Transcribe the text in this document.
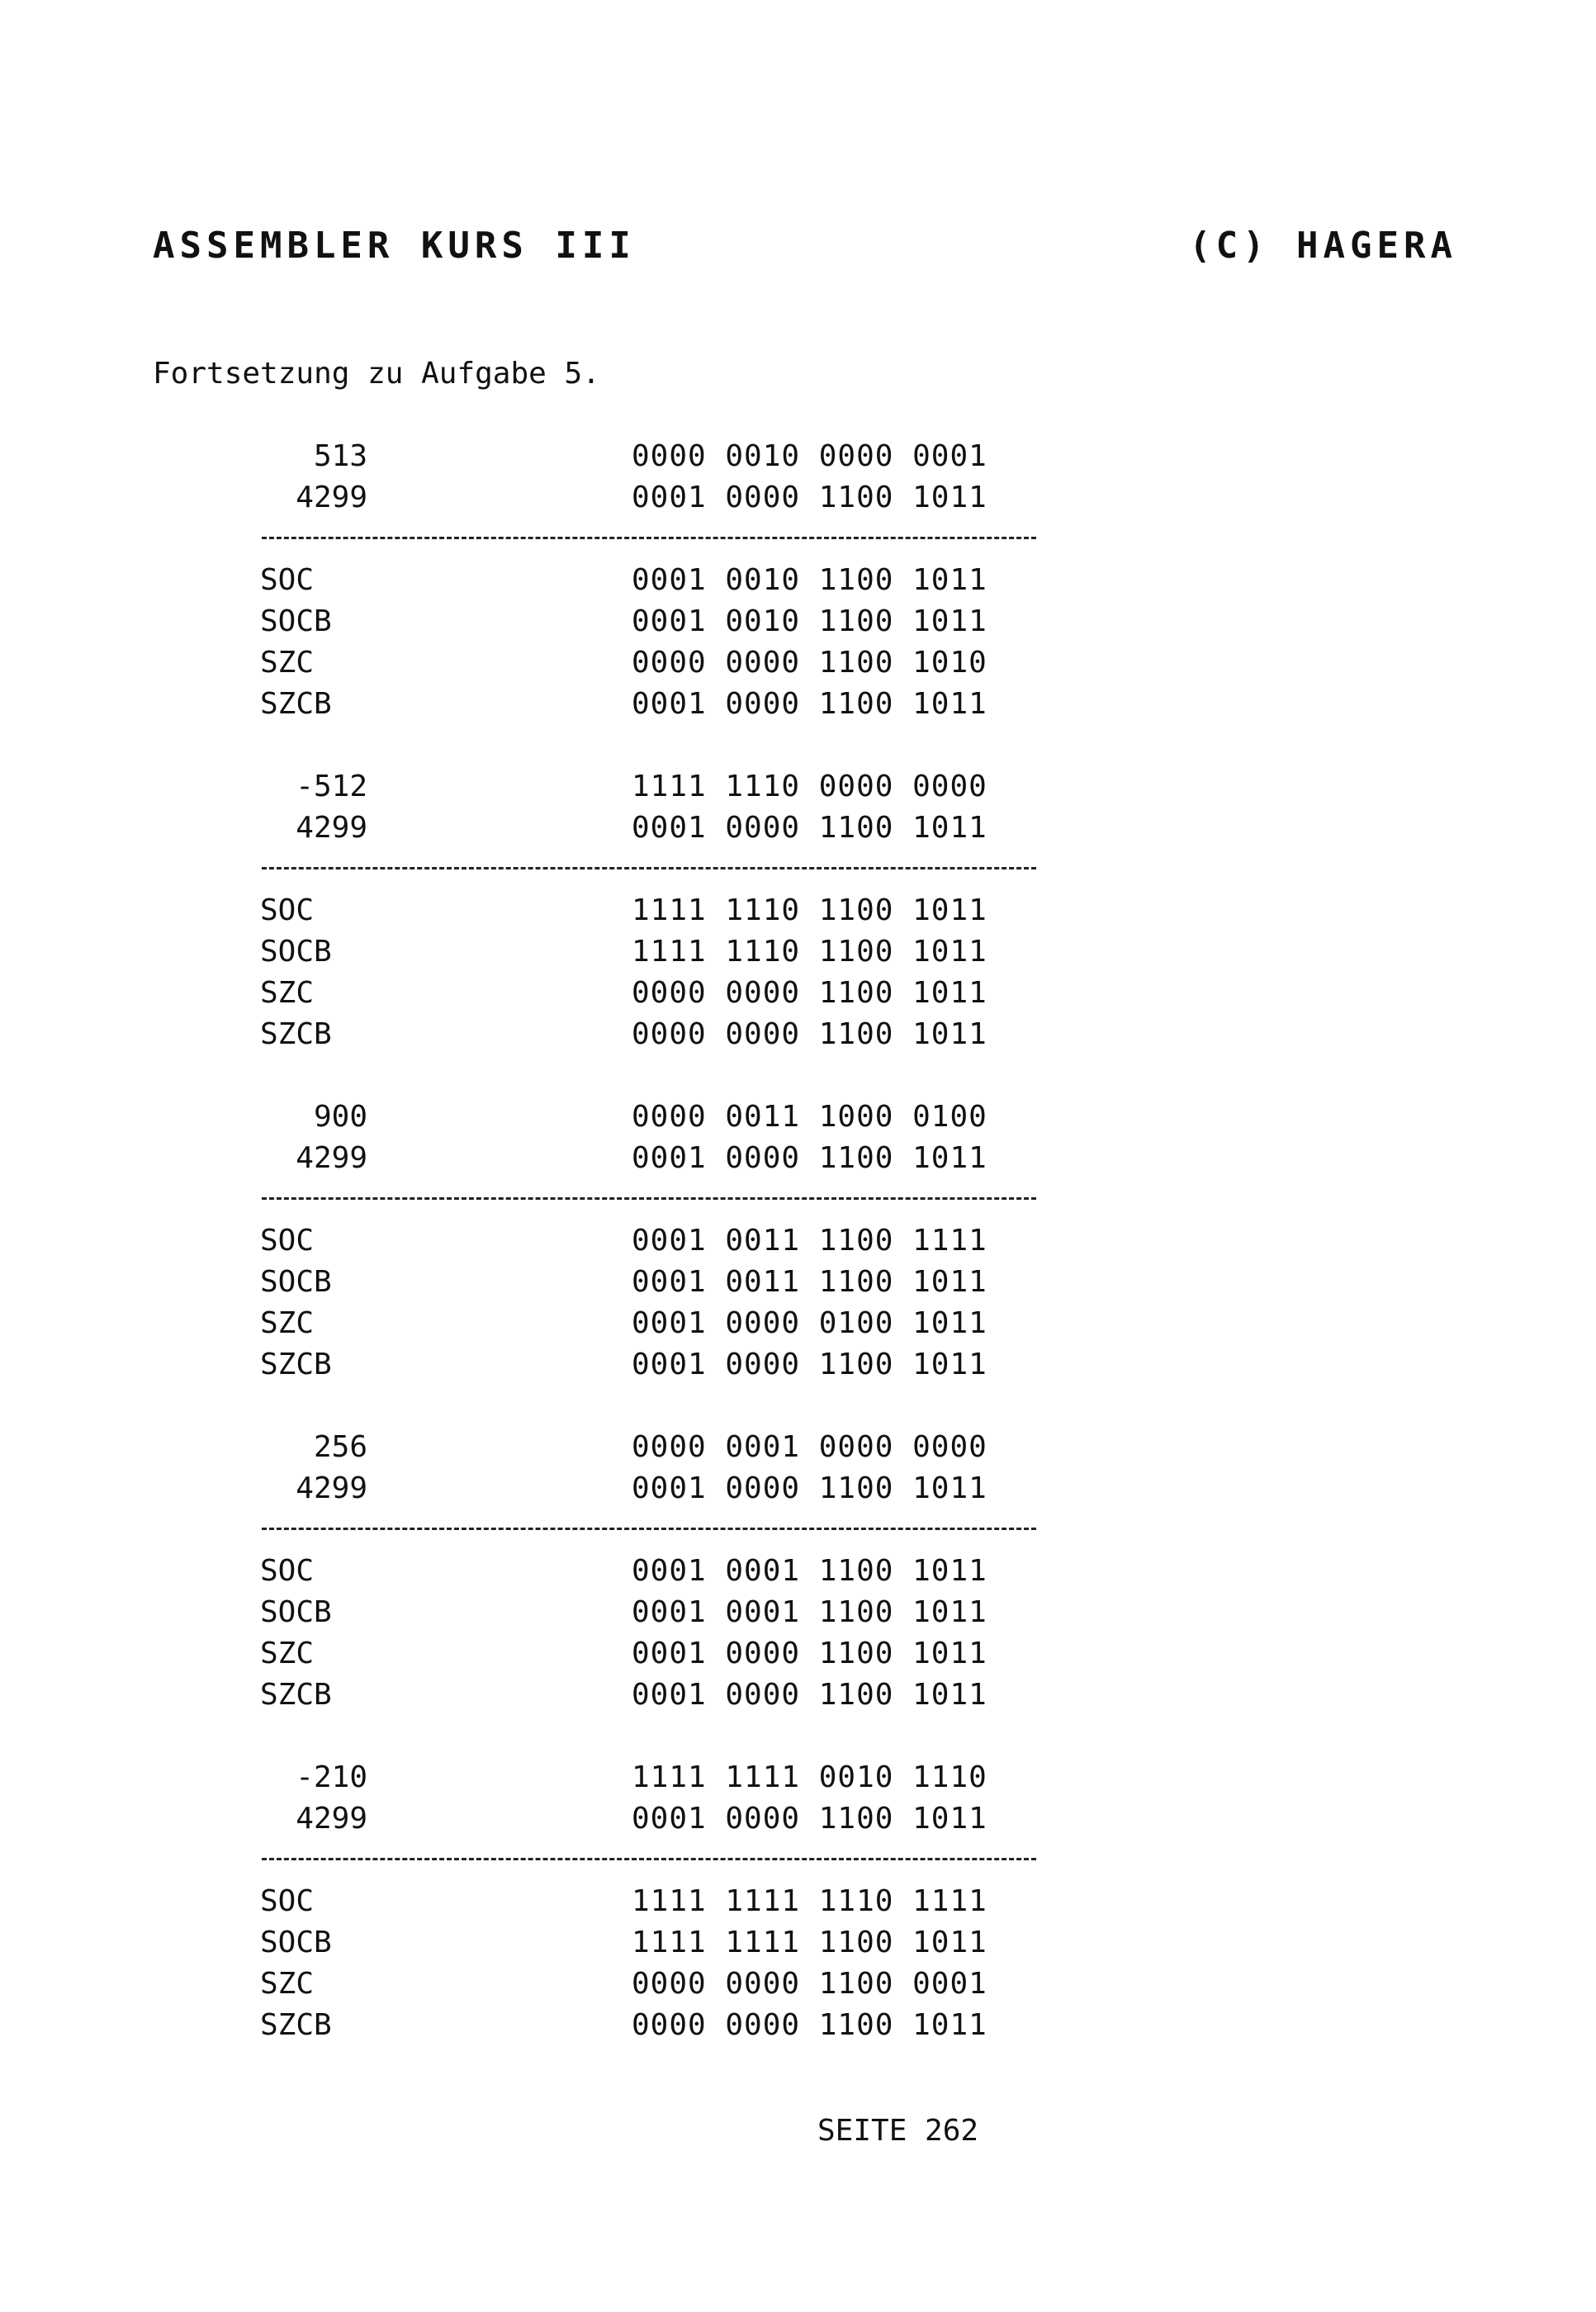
ASSEMBLER KURS III	(C) HAGERA
Fortsetzung zu Aufgabe 5.
513	0000 0010 0000 0001
4299	0001 0000 1100 1011
SOC	0001 0010 1100 1011
SOCB	0001 0010 1100 1011
SZC	0000 0000 1100 1010
SZCB	0001 0000 1100 1011
-512	1111 1110 0000 0000
4299	0001 0000 1100 1011
SOC	1111 1110 1100 1011
SOCB	1111 1110 1100 1011
SZC	0000 0000 1100 1011
SZCB	0000 0000 1100 1011
900	0000 0011 1000 0100
4299	0001 0000 1100 1011
SOC	0001 0011 1100 1111
SOCB	0001 0011 1100 1011
SZC	0001 0000 0100 1011
SZCB	0001 0000 1100 1011
256	0000 0001 0000 0000
4299	0001 0000 1100 1011
SOC	0001 0001 1100 1011
SOCB	0001 0001 1100 1011
SZC	0001 0000 1100 1011
SZCB	0001 0000 1100 1011
-210	1111 1111 0010 1110
4299	0001 0000 1100 1011
SOC	1111 1111 1110 1111
SOCB	1111 1111 1100 1011
SZC	0000 0000 1100 0001
SZCB	0000 0000 1100 1011
SEITE 262
